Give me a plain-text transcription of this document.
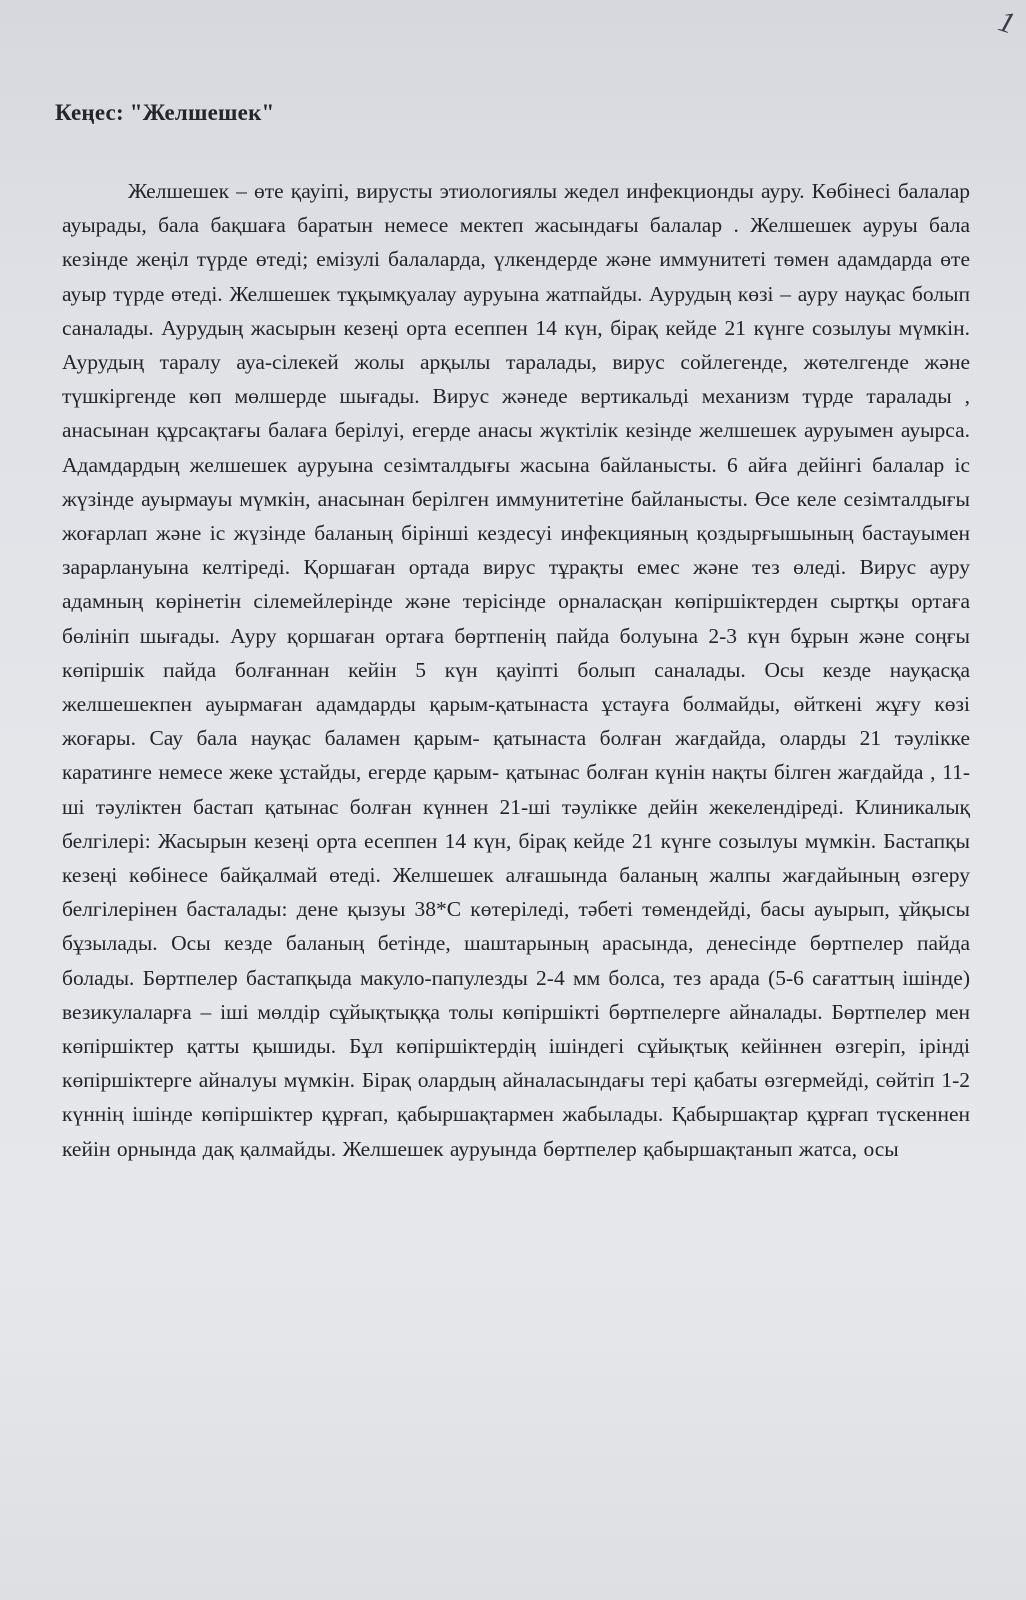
1
Кеңес: "Желшешек"

Желшешек – өте қауіпі, вирусты этиологиялы жедел инфекционды ауру. Көбінесі балалар ауырады, бала бақшаға баратын немесе мектеп жасындағы балалар . Желшешек ауруы бала кезінде жеңіл түрде өтеді; емізулі балаларда, үлкендерде және иммунитеті төмен адамдарда өте ауыр түрде өтеді. Желшешек тұқымқуалау ауруына жатпайды. Аурудың көзі – ауру науқас болып саналады. Аурудың жасырын кезеңі орта есеппен 14 күн, бірақ кейде 21 күнге созылуы мүмкін. Аурудың таралу ауа-сілекей жолы арқылы таралады, вирус сойлегенде, жөтелгенде және түшкіргенде көп мөлшерде шығады. Вирус жәнеде вертикальді механизм түрде таралады , анасынан құрсақтағы балаға берілуі, егерде анасы жүктілік кезінде желшешек ауруымен ауырса. Адамдардың желшешек ауруына сезімталдығы жасына байланысты. 6 айға дейінгі балалар іс жүзінде ауырмауы мүмкін, анасынан берілген иммунитетіне байланысты. Өсе келе сезімталдығы жоғарлап және іс жүзінде баланың бірінші кездесуі инфекцияның қоздырғышының бастауымен зарарлануына келтіреді. Қоршаған ортада вирус тұрақты емес және тез өледі. Вирус ауру адамның көрінетін сілемейлерінде және терісінде орналасқан көпіршіктерден сыртқы ортаға бөлініп шығады. Ауру қоршаған ортаға бөртпенің пайда болуына 2-3 күн бұрын және соңғы көпіршік пайда болғаннан кейін 5 күн қауіпті болып саналады. Осы кезде науқасқа желшешекпен ауырмаған адамдарды қарым-қатынаста ұстауға болмайды, өйткені жұғу көзі жоғары. Сау бала науқас баламен қарым- қатынаста болған жағдайда, оларды 21 тәулікке каратинге немесе жеке ұстайды, егерде қарым- қатынас болған күнін нақты білген жағдайда , 11-ші тәуліктен бастап қатынас болған күннен 21-ші тәулікке дейін жекелендіреді. Клиникалық белгілері: Жасырын кезеңі орта есеппен 14 күн, бірақ кейде 21 күнге созылуы мүмкін. Бастапқы кезеңі көбінесе байқалмай өтеді. Желшешек алғашында баланың жалпы жағдайының өзгеру белгілерінен басталады: дене қызуы 38*С көтеріледі, тәбеті төмендейді, басы ауырып, ұйқысы бұзылады. Осы кезде баланың бетінде, шаштарының арасында, денесінде бөртпелер пайда болады. Бөртпелер бастапқыда макуло-папулезды 2-4 мм болса, тез арада (5-6 сағаттың ішінде) везикулаларға – іші мөлдір сұйықтыққа толы көпіршікті бөртпелерге айналады. Бөртпелер мен көпіршіктер қатты қышиды. Бұл көпіршіктердің ішіндегі сұйықтық кейіннен өзгеріп, ірінді көпіршіктерге айналуы мүмкін. Бірақ олардың айналасындағы тері қабаты өзгермейді, сөйтіп 1-2 күннің ішінде көпіршіктер құрғап, қабыршақтармен жабылады. Қабыршақтар құрғап түскеннен кейін орнында дақ қалмайды. Желшешек ауруында бөртпелер қабыршақтанып жатса, осы
